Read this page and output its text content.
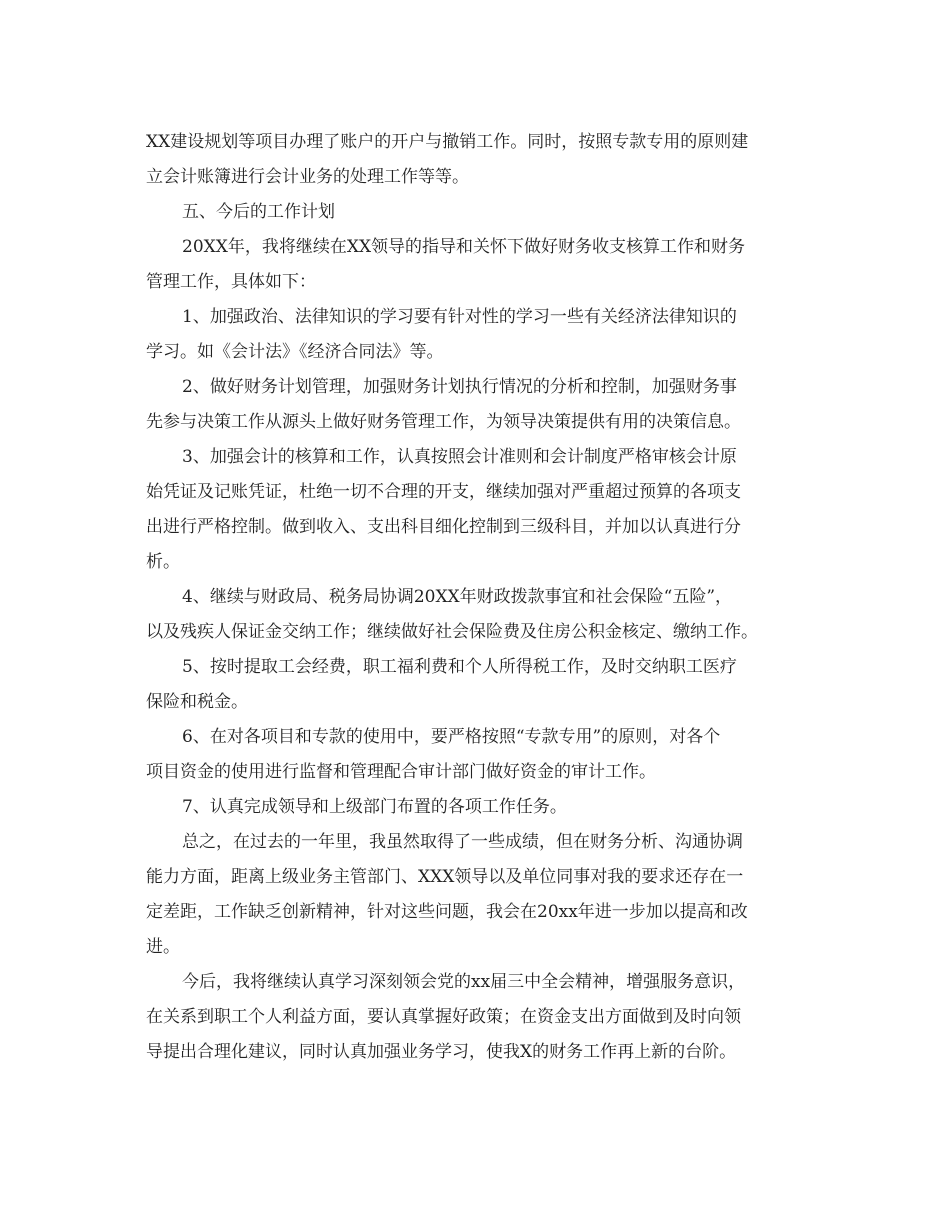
XX建设规划等项目办理了账户的开户与撤销工作。同时，按照专款专用的原则建
立会计账簿进行会计业务的处理工作等等。
五、今后的工作计划
20XX年，我将继续在XX领导的指导和关怀下做好财务收支核算工作和财务
管理工作，具体如下：
1、加强政治、法律知识的学习要有针对性的学习一些有关经济法律知识的
学习。如《会计法》《经济合同法》等。
2、做好财务计划管理，加强财务计划执行情况的分析和控制，加强财务事
先参与决策工作从源头上做好财务管理工作，为领导决策提供有用的决策信息。
3、加强会计的核算和工作，认真按照会计准则和会计制度严格审核会计原
始凭证及记账凭证，杜绝一切不合理的开支，继续加强对严重超过预算的各项支
出进行严格控制。做到收入、支出科目细化控制到三级科目，并加以认真进行分
析。
4、继续与财政局、税务局协调20XX年财政拨款事宜和社会保险“五险”，
以及残疾人保证金交纳工作；继续做好社会保险费及住房公积金核定、缴纳工作。
5、按时提取工会经费，职工福利费和个人所得税工作，及时交纳职工医疗
保险和税金。
6、在对各项目和专款的使用中，要严格按照“专款专用”的原则，对各个
项目资金的使用进行监督和管理配合审计部门做好资金的审计工作。
7、认真完成领导和上级部门布置的各项工作任务。
总之，在过去的一年里，我虽然取得了一些成绩，但在财务分析、沟通协调
能力方面，距离上级业务主管部门、XXX领导以及单位同事对我的要求还存在一
定差距，工作缺乏创新精神，针对这些问题，我会在20xx年进一步加以提高和改
进。
今后，我将继续认真学习深刻领会党的xx届三中全会精神，增强服务意识，
在关系到职工个人利益方面，要认真掌握好政策；在资金支出方面做到及时向领
导提出合理化建议，同时认真加强业务学习，使我X的财务工作再上新的台阶。
